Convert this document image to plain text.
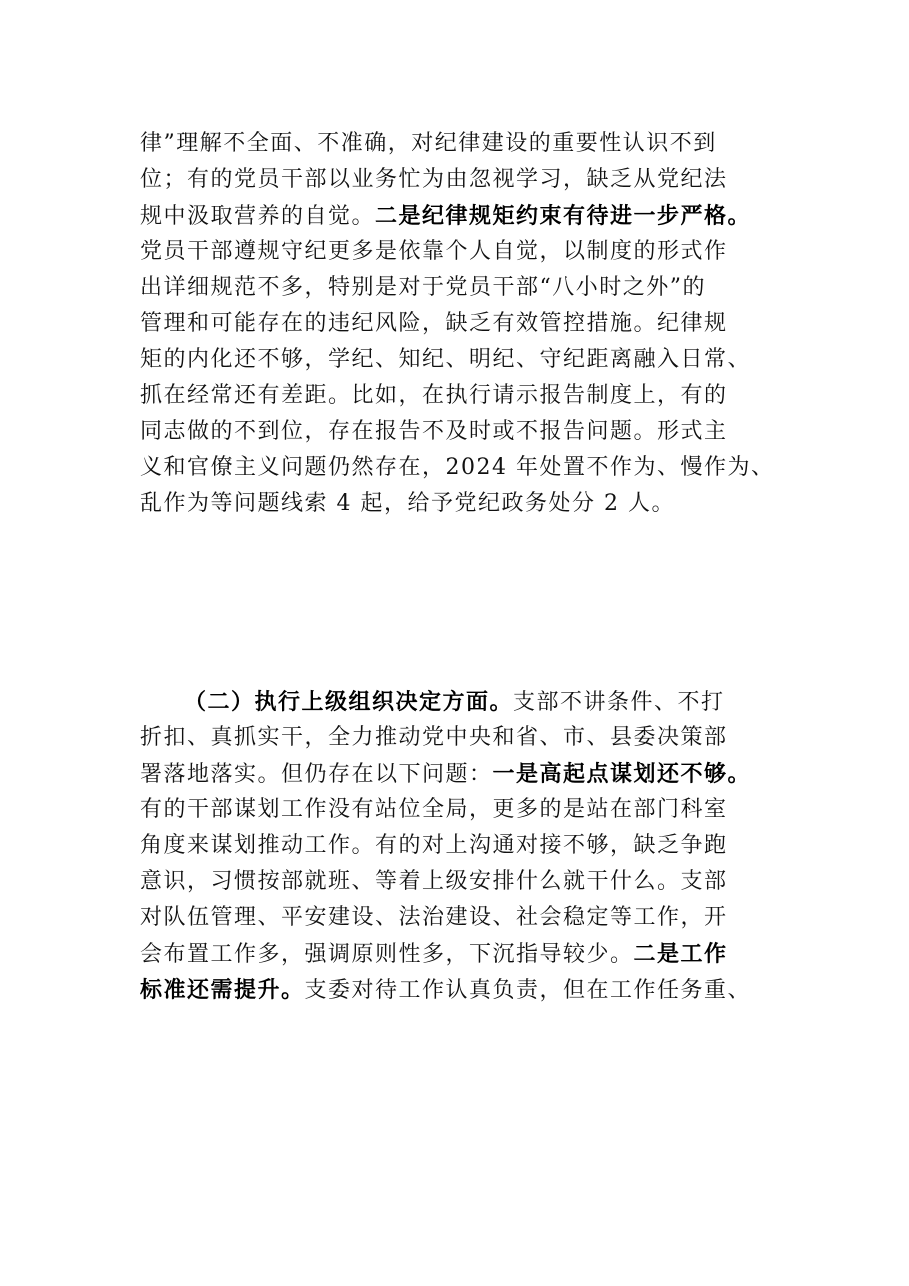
律”理解不全面、不准确，对纪律建设的重要性认识不到
位；有的党员干部以业务忙为由忽视学习，缺乏从党纪法
规中汲取营养的自觉。二是纪律规矩约束有待进一步严格。
党员干部遵规守纪更多是依靠个人自觉，以制度的形式作
出详细规范不多，特别是对于党员干部“八小时之外”的
管理和可能存在的违纪风险，缺乏有效管控措施。纪律规
矩的内化还不够，学纪、知纪、明纪、守纪距离融入日常、
抓在经常还有差距。比如，在执行请示报告制度上，有的
同志做的不到位，存在报告不及时或不报告问题。形式主
义和官僚主义问题仍然存在，2024 年处置不作为、慢作为、
乱作为等问题线索 4 起，给予党纪政务处分 2 人。
（二）执行上级组织决定方面。支部不讲条件、不打
折扣、真抓实干，全力推动党中央和省、市、县委决策部
署落地落实。但仍存在以下问题：一是高起点谋划还不够。
有的干部谋划工作没有站位全局，更多的是站在部门科室
角度来谋划推动工作。有的对上沟通对接不够，缺乏争跑
意识，习惯按部就班、等着上级安排什么就干什么。支部
对队伍管理、平安建设、法治建设、社会稳定等工作，开
会布置工作多，强调原则性多，下沉指导较少。二是工作
标准还需提升。支委对待工作认真负责，但在工作任务重、
